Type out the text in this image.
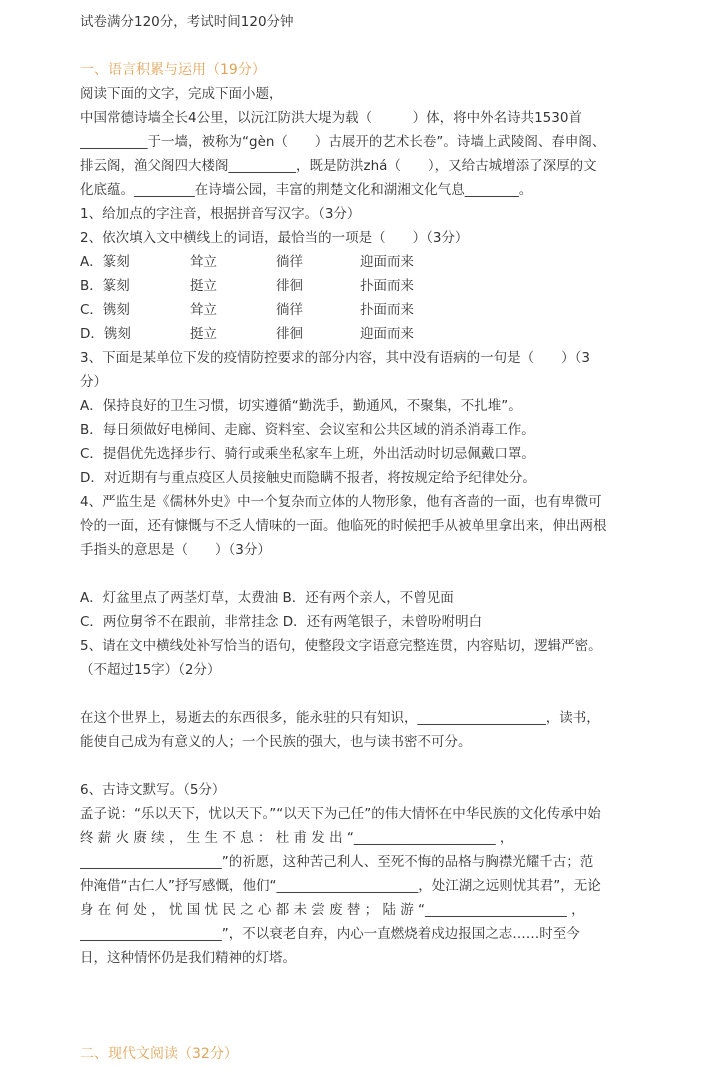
试卷满分120分，考试时间120分钟
一、语言积累与运用（19分）
阅读下面的文字，完成下面小题，
中国常德诗墙全长4公里，以沅江防洪大堤为载（　　　）体，将中外名诗共1530首
__________于一墙，被称为“gèn（　　）古展开的艺术长卷”。诗墙上武陵阁、春申阁、
排云阁，渔父阁四大楼阁__________，既是防洪zhá（　　），又给古城增添了深厚的文
化底蕴。_________在诗墙公园，丰富的荆楚文化和湖湘文化气息________。
1、给加点的字注音，根据拼音写汉字。（3分）
2、依次填入文中横线上的词语，最恰当的一项是（　　）（3分）
A．篆刻	耸立	徜徉	迎面而来
B．篆刻	挺立	徘徊	扑面而来
C．镌刻	耸立	徜徉	扑面而来
D．镌刻	挺立	徘徊	迎面而来
3、下面是某单位下发的疫情防控要求的部分内容，其中没有语病的一句是（　　）（3
分）
A．保持良好的卫生习惯，切实遵循“勤洗手，勤通风，不聚集，不扎堆”。
B．每日须做好电梯间、走廊、资料室、会议室和公共区域的消杀消毒工作。
C．提倡优先选择步行、骑行或乘坐私家车上班，外出活动时切忌佩戴口罩。
D．对近期有与重点疫区人员接触史而隐瞒不报者，将按规定给予纪律处分。
4、严监生是《儒林外史》中一个复杂而立体的人物形象，他有吝啬的一面，也有卑微可
怜的一面，还有慷慨与不乏人情味的一面。他临死的时候把手从被单里拿出来，伸出两根
手指头的意思是（　　）（3分）
A．灯盆里点了两茎灯草，太费油 B．还有两个亲人，不曾见面
C．两位舅爷不在跟前，非常挂念 D．还有两笔银子，未曾吩咐明白
5、请在文中横线处补写恰当的语句，使整段文字语意完整连贯，内容贴切，逻辑严密。
（不超过15字）（2分）
在这个世界上，易逝去的东西很多，能永驻的只有知识，___________________，读书，
能使自己成为有意义的人；一个民族的强大，也与读书密不可分。
6、古诗文默写。（5分）
孟子说：“乐以天下，忧以天下。”“以天下为己任”的伟大情怀在中华民族的文化传承中始
终 薪 火 赓 续 ， 生 生 不 息 ： 杜 甫 发 出 “_____________________ ，
_____________________”的祈愿，这种苦己利人、至死不悔的品格与胸襟光耀千古；范
仲淹借“古仁人”抒写感慨，他们“_____________________，处江湖之远则忧其君”，无论
身 在 何 处 ， 忧 国 忧 民 之 心 都 未 尝 废 替 ； 陆 游 “_____________________ ，
_____________________”，不以衰老自弃，内心一直燃烧着戍边报国之志……时至今
日，这种情怀仍是我们精神的灯塔。
二、现代文阅读（32分）
